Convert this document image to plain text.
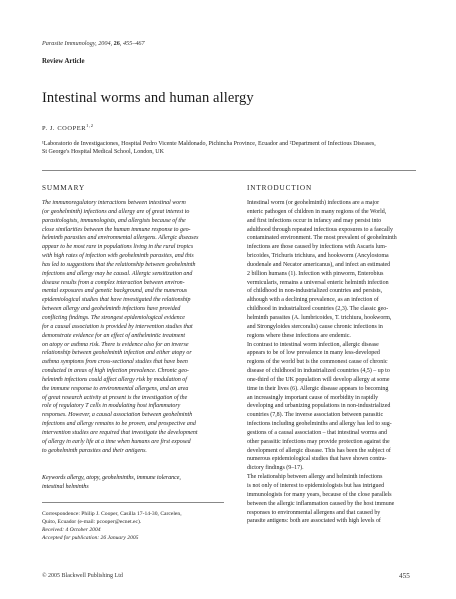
Parasite Immunology, 2004, 26, 455–467
Review Article
Intestinal worms and human allergy
P. J. COOPER$^{1,2}$
¹Laboratorio de Investigaciones, Hospital Pedro Vicente Maldonado, Pichincha Province, Ecuador and ²Department of Infectious Diseases,
St George's Hospital Medical School, London, UK
SUMMARY	INTRODUCTION
The immunoregulatory interactions between intestinal worm
(or geohelminth) infections and allergy are of great interest to
parasitologists, immunologists, and allergists because of the
close similarities between the human immune response to geo-
helminth parasites and environmental allergens. Allergic diseases
appear to be most rare in populations living in the rural tropics
with high rates of infection with geohelminth parasites, and this
has led to suggestions that the relationship between geohelminth
infections and allergy may be causal. Allergic sensitization and
disease results from a complex interaction between environ-
mental exposures and genetic background, and the numerous
epidemiological studies that have investigated the relationship
between allergy and geohelminth infections have provided
conflicting findings. The strongest epidemiological evidence
for a causal association is provided by intervention studies that
demonstrate evidence for an effect of anthelmintic treatment
on atopy or asthma risk. There is evidence also for an inverse
relationship between geohelminth infection and either atopy or
asthma symptoms from cross-sectional studies that have been
conducted in areas of high infection prevalence. Chronic geo-
helminth infections could affect allergy risk by modulation of
the immune response to environmental allergens, and an area
of great research activity at present is the investigation of the
role of regulatory T cells in modulating host inflammatory
responses. However, a causal association between geohelminth
infections and allergy remains to be proven, and prospective and
intervention studies are required that investigate the development
of allergy in early life at a time when humans are first exposed
to geohelminth parasites and their antigens.
Keywords allergy, atopy, geohelminths, immune tolerance,
intestinal helminths
Correspondence: Philip J. Cooper, Casilla 17-14-30, Carcelen,
Quito, Ecuador (e-mail: pcooper@ecnet.ec).
Received: 4 October 2004
Accepted for publication: 26 January 2005
Intestinal worm (or geohelminth) infections are a major
enteric pathogen of children in many regions of the World,
and first infections occur in infancy and may persist into
adulthood through repeated infectious exposures to a faecally
contaminated environment. The most prevalent of geohelminth
infections are those caused by infections with Ascaris lum-
bricoides, Trichuris trichiura, and hookworm (Ancylostoma
duodenale and Necator americanus), and infect an estimated
2 billion humans (1). Infection with pinworm, Enterobius
vermicularis, remains a universal enteric helminth infection
of childhood in non-industrialized countries and persists,
although with a declining prevalence, as an infection of
childhood in industrialized countries (2,3). The classic geo-
helminth parasites (A. lumbricoides, T. trichiura, hookworm,
and Strongyloides stercoralis) cause chronic infections in
regions where these infections are endemic.
In contrast to intestinal worm infection, allergic disease
appears to be of low prevalence in many less-developed
regions of the world but is the commonest cause of chronic
disease of childhood in industrialized countries (4,5) – up to
one-third of the UK population will develop allergy at some
time in their lives (6). Allergic disease appears to becoming
an increasingly important cause of morbidity in rapidly
developing and urbanizing populations in non-industrialized
countries (7,8). The inverse association between parasitic
infections including geohelminths and allergy has led to sug-
gestions of a causal association – that intestinal worms and
other parasitic infections may provide protection against the
development of allergic disease. This has been the subject of
numerous epidemiological studies that have shown contra-
dictory findings (9–17).
The relationship between allergy and helminth infections
is not only of interest to epidemiologists but has intrigued
immunologists for many years, because of the close parallels
between the allergic inflammation caused by the host immune
responses to environmental allergens and that caused by
parasite antigens: both are associated with high levels of
© 2005 Blackwell Publishing Ltd	455
